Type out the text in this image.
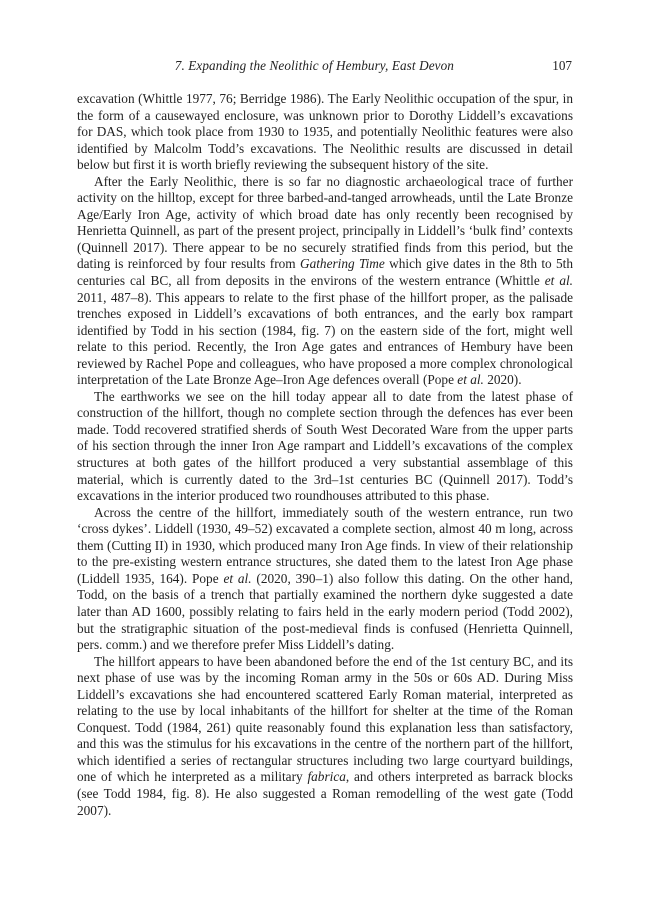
7. Expanding the Neolithic of Hembury, East Devon	107

excavation (Whittle 1977, 76; Berridge 1986). The Early Neolithic occupation of the spur, in the form of a causewayed enclosure, was unknown prior to Dorothy Liddell’s excavations for DAS, which took place from 1930 to 1935, and potentially Neolithic features were also identified by Malcolm Todd’s excavations. The Neolithic results are discussed in detail below but first it is worth briefly reviewing the subsequent history of the site.

After the Early Neolithic, there is so far no diagnostic archaeological trace of further activity on the hilltop, except for three barbed-and-tanged arrowheads, until the Late Bronze Age/Early Iron Age, activity of which broad date has only recently been recognised by Henrietta Quinnell, as part of the present project, principally in Liddell’s ‘bulk find’ contexts (Quinnell 2017). There appear to be no securely stratified finds from this period, but the dating is reinforced by four results from Gathering Time which give dates in the 8th to 5th centuries cal BC, all from deposits in the environs of the western entrance (Whittle et al. 2011, 487–8). This appears to relate to the first phase of the hillfort proper, as the palisade trenches exposed in Liddell’s excavations of both entrances, and the early box rampart identified by Todd in his section (1984, fig. 7) on the eastern side of the fort, might well relate to this period. Recently, the Iron Age gates and entrances of Hembury have been reviewed by Rachel Pope and colleagues, who have proposed a more complex chronological interpretation of the Late Bronze Age–Iron Age defences overall (Pope et al. 2020).

The earthworks we see on the hill today appear all to date from the latest phase of construction of the hillfort, though no complete section through the defences has ever been made. Todd recovered stratified sherds of South West Decorated Ware from the upper parts of his section through the inner Iron Age rampart and Liddell’s excavations of the complex structures at both gates of the hillfort produced a very substantial assemblage of this material, which is currently dated to the 3rd–1st centuries BC (Quinnell 2017). Todd’s excavations in the interior produced two roundhouses attributed to this phase.

Across the centre of the hillfort, immediately south of the western entrance, run two ‘cross dykes’. Liddell (1930, 49–52) excavated a complete section, almost 40 m long, across them (Cutting II) in 1930, which produced many Iron Age finds. In view of their relationship to the pre-existing western entrance structures, she dated them to the latest Iron Age phase (Liddell 1935, 164). Pope et al. (2020, 390–1) also follow this dating. On the other hand, Todd, on the basis of a trench that partially examined the northern dyke suggested a date later than AD 1600, possibly relating to fairs held in the early modern period (Todd 2002), but the stratigraphic situation of the post-medieval finds is confused (Henrietta Quinnell, pers. comm.) and we therefore prefer Miss Liddell’s dating.

The hillfort appears to have been abandoned before the end of the 1st century BC, and its next phase of use was by the incoming Roman army in the 50s or 60s AD. During Miss Liddell’s excavations she had encountered scattered Early Roman material, interpreted as relating to the use by local inhabitants of the hillfort for shelter at the time of the Roman Conquest. Todd (1984, 261) quite reasonably found this explanation less than satisfactory, and this was the stimulus for his excavations in the centre of the northern part of the hillfort, which identified a series of rectangular structures including two large courtyard buildings, one of which he interpreted as a military fabrica, and others interpreted as barrack blocks (see Todd 1984, fig. 8). He also suggested a Roman remodelling of the west gate (Todd 2007).
